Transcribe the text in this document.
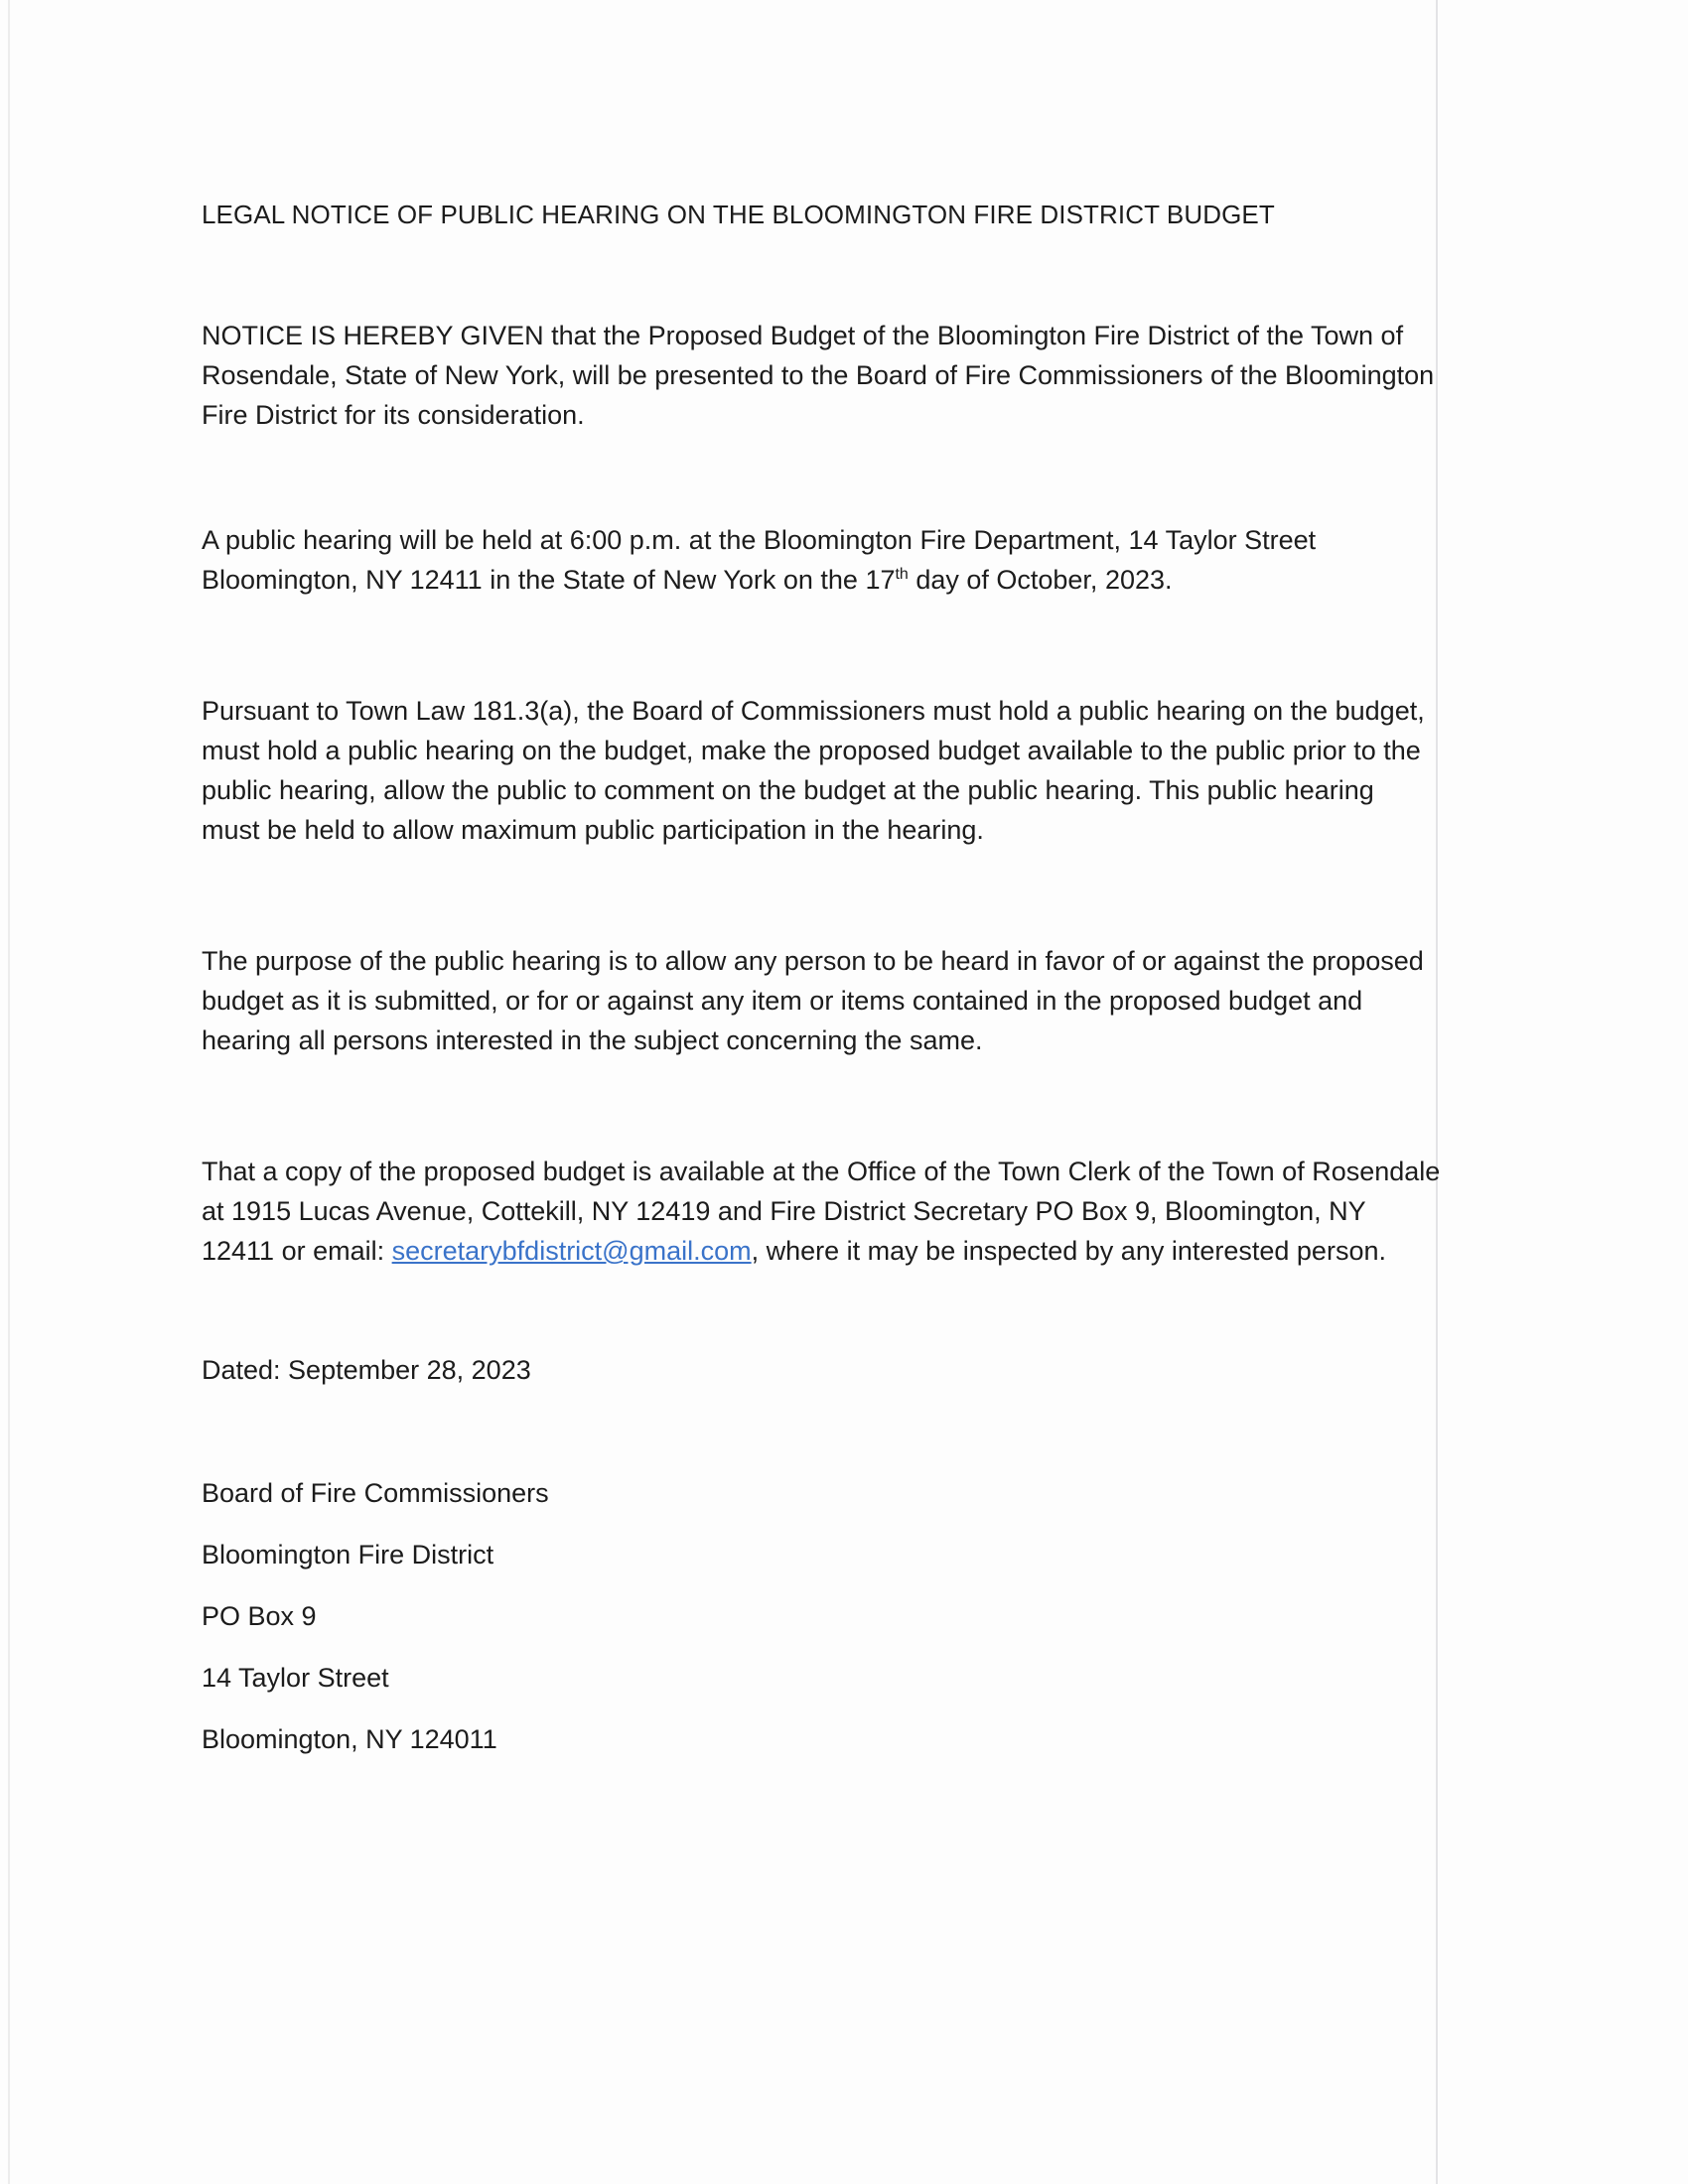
LEGAL NOTICE OF PUBLIC HEARING ON THE BLOOMINGTON FIRE DISTRICT BUDGET

NOTICE IS HEREBY GIVEN that the Proposed Budget of the Bloomington Fire District of the Town of
Rosendale, State of New York, will be presented to the Board of Fire Commissioners of the Bloomington
Fire District for its consideration.

A public hearing will be held at 6:00 p.m. at the Bloomington Fire Department, 14 Taylor Street
Bloomington, NY 12411 in the State of New York on the 17th day of October, 2023.

Pursuant to Town Law 181.3(a), the Board of Commissioners must hold a public hearing on the budget,
must hold a public hearing on the budget, make the proposed budget available to the public prior to the
public hearing, allow the public to comment on the budget at the public hearing. This public hearing
must be held to allow maximum public participation in the hearing.

The purpose of the public hearing is to allow any person to be heard in favor of or against the proposed
budget as it is submitted, or for or against any item or items contained in the proposed budget and
hearing all persons interested in the subject concerning the same.

That a copy of the proposed budget is available at the Office of the Town Clerk of the Town of Rosendale
at 1915 Lucas Avenue, Cottekill, NY 12419 and Fire District Secretary PO Box 9, Bloomington, NY
12411 or email: secretarybfdistrict@gmail.com, where it may be inspected by any interested person.

Dated: September 28, 2023

Board of Fire Commissioners
Bloomington Fire District
PO Box 9
14 Taylor Street
Bloomington, NY 124011
